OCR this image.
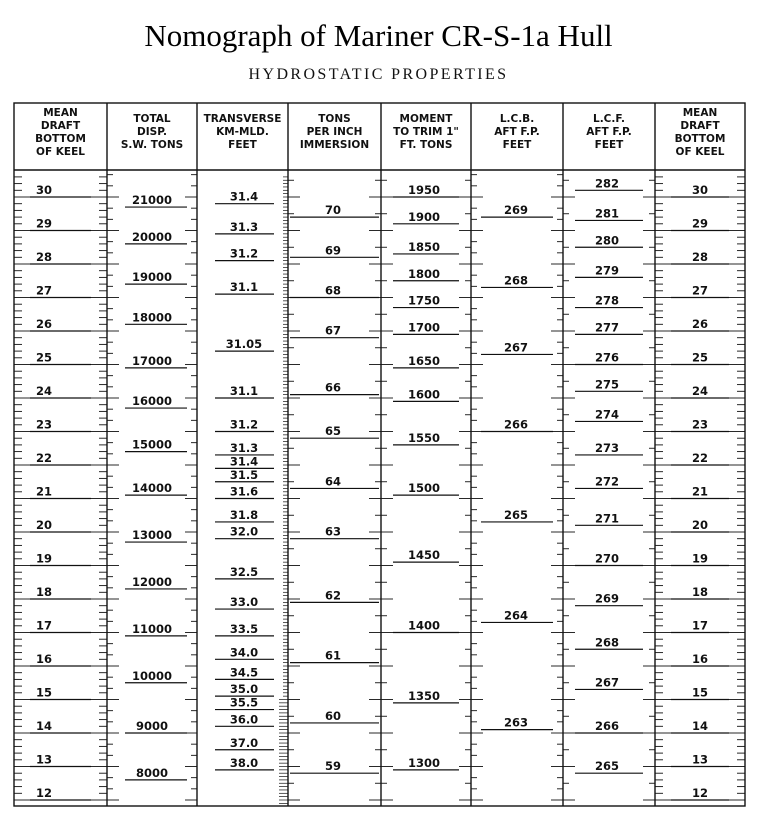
Nomograph of Mariner CR-S-1a Hull
HYDROSTATIC PROPERTIES
MEAN
DRAFT
BOTTOM
OF KEEL
TOTAL
DISP.
S.W. TONS
TRANSVERSE
KM-MLD.
FEET
TONS
PER INCH
IMMERSION
MOMENT
TO TRIM 1"
FT. TONS
L.C.B.
AFT F.P.
FEET
L.C.F.
AFT F.P.
FEET
MEAN
DRAFT
BOTTOM
OF KEEL
30
29
28
27
26
25
24
23
22
21
20
19
18
17
16
15
14
13
12
30
29
28
27
26
25
24
23
22
21
20
19
18
17
16
15
14
13
12
21000
20000
19000
18000
17000
16000
15000
14000
13000
12000
11000
10000
9000
8000
31.4
31.3
31.2
31.1
31.05
31.1
31.2
31.3
31.4
31.5
31.6
31.8
32.0
32.5
33.0
33.5
34.0
34.5
35.0
35.5
36.0
37.0
38.0
70
69
68
67
66
65
64
63
62
61
60
59
1950
1900
1850
1800
1750
1700
1650
1600
1550
1500
1450
1400
1350
1300
269
268
267
266
265
264
263
282
281
280
279
278
277
276
275
274
273
272
271
270
269
268
267
266
265
